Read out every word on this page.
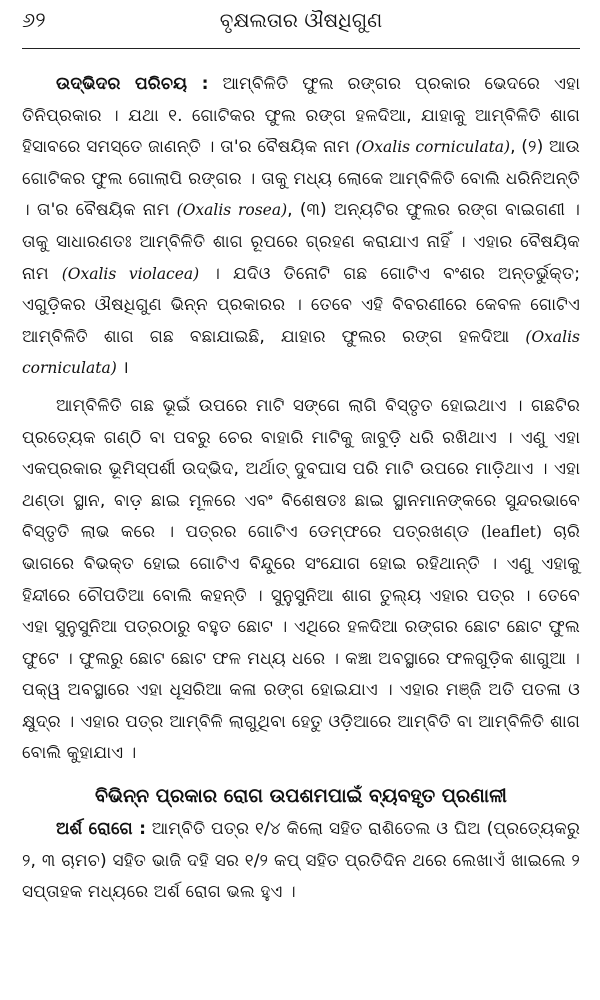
୬୨	ବୃକ୍ଷଲତାର ଔଷଧିଗୁଣ

ଉଦ୍ଭିଦର ପରିଚୟ : ଆମ୍ବିଳିତି ଫୁଲ ରଙ୍ଗର ପ୍ରକାର ଭେଦରେ ଏହା ତିନିପ୍ରକାର । ଯଥା ୧. ଗୋଟିକର ଫୁଲ ରଙ୍ଗ ହଳଦିଆ, ଯାହାକୁ ଆମ୍ବିଳିତି ଶାଗ ହିସାବରେ ସମସ୍ତେ ଜାଣନ୍ତି । ତା'ର ବୈଷୟିକ ନାମ (Oxalis corniculata), (୨) ଆଉ ଗୋଟିକର ଫୁଲ ଗୋଲାପି ରଙ୍ଗର । ତାକୁ ମଧ୍ୟ ଲୋକେ ଆମ୍ବିଳିତି ବୋଲି ଧରିନିଅନ୍ତି । ତା'ର ବୈଷୟିକ ନାମ (Oxalis rosea), (୩) ଅନ୍ୟଟିର ଫୁଲର ରଙ୍ଗ ବାଇଗଣୀ । ତାକୁ ସାଧାରଣତଃ ଆମ୍ବିଳିତି ଶାଗ ରୂପରେ ଗ୍ରହଣ କରାଯାଏ ନାହିଁ । ଏହାର ବୈଷୟିକ ନାମ (Oxalis violacea) । ଯଦିଓ ତିନୋଟି ଗଛ ଗୋଟିଏ ବଂଶର ଅନ୍ତର୍ଭୁକ୍ତ; ଏଗୁଡ଼ିକର ଔଷଧିଗୁଣ ଭିନ୍ନ ପ୍ରକାରର । ତେବେ ଏହି ବିବରଣୀରେ କେବଳ ଗୋଟିଏ ଆମ୍ବିଳିତି ଶାଗ ଗଛ ବଛାଯାଇଛି, ଯାହାର ଫୁଲର ରଙ୍ଗ ହଳଦିଆ (Oxalis corniculata) ।

ଆମ୍ବିଳିତି ଗଛ ଭୂଇଁ ଉପରେ ମାଟି ସଙ୍ଗେ ଲାଗି ବିସ୍ତୃତ ହୋଇଥାଏ । ଗଛଟିର ପ୍ରତ୍ୟେକ ଗଣ୍ଠି ବା ପବରୁ ଚେର ବାହାରି ମାଟିକୁ ଜାବୁଡ଼ି ଧରି ରଖିଥାଏ । ଏଣୁ ଏହା ଏକପ୍ରକାର ଭୂମିସ୍ପର୍ଶୀ ଉଦ୍ଭିଦ, ଅର୍ଥାତ୍ ଦୁବଘାସ ପରି ମାଟି ଉପରେ ମାଡ଼ିଥାଏ । ଏହା ଥଣ୍ଡା ସ୍ଥାନ, ବାଡ଼ ଛାଇ ମୂଳରେ ଏବଂ ବିଶେଷତଃ ଛାଇ ସ୍ଥାନମାନଙ୍କରେ ସୁନ୍ଦରଭାବେ ବିସ୍ତୃତି ଲାଭ କରେ । ପତ୍ରର ଗୋଟିଏ ଡେମ୍ଫରେ ପତ୍ରଖଣ୍ଡ (leaflet) ଚାରି ଭାଗରେ ବିଭକ୍ତ ହୋଇ ଗୋଟିଏ ବିନ୍ଦୁରେ ସଂଯୋଗ ହୋଇ ରହିଥାନ୍ତି । ଏଣୁ ଏହାକୁ ହିନ୍ଦୀରେ ଚୌପତିଆ ବୋଲି କହନ୍ତି । ସୁନୁସୁନିଆ ଶାଗ ତୁଲ୍ୟ ଏହାର ପତ୍ର । ତେବେ ଏହା ସୁନୁସୁନିଆ ପତ୍ରଠାରୁ ବହୁତ ଛୋଟ । ଏଥିରେ ହଳଦିଆ ରଙ୍ଗର ଛୋଟ ଛୋଟ ଫୁଲ ଫୁଟେ । ଫୁଲରୁ ଛୋଟ ଛୋଟ ଫଳ ମଧ୍ୟ ଧରେ । କଞ୍ଚା ଅବସ୍ଥାରେ ଫଳଗୁଡ଼ିକ ଶାଗୁଆ । ପକ୍ୱ ଅବସ୍ଥାରେ ଏହା ଧୂସରିଆ କଳା ରଙ୍ଗ ହୋଇଯାଏ । ଏହାର ମଞ୍ଜି ଅତି ପତଳା ଓ କ୍ଷୁଦ୍ର । ଏହାର ପତ୍ର ଆମ୍ବିଳି ଲାଗୁଥିବା ହେତୁ ଓଡ଼ିଆରେ ଆମ୍ବିତି ବା ଆମ୍ବିଳିତି ଶାଗ ବୋଲି କୁହାଯାଏ ।

ବିଭିନ୍ନ ପ୍ରକାର ରୋଗ ଉପଶମପାଇଁ ବ୍ୟବହୃତ ପ୍ରଣାଳୀ

ଅର୍ଶ ରୋଗେ : ଆମ୍ବିତି ପତ୍ର ୧/୪ କିଲୋ ସହିତ ରାଶିତେଲ ଓ ଘିଅ (ପ୍ରତ୍ୟେକରୁ ୨, ୩ ଚାମଚ) ସହିତ ଭାଜି ଦହି ସର ୧/୨ କପ୍ ସହିତ ପ୍ରତିଦିନ ଥରେ ଲେଖାଏଁ ଖାଇଲେ ୨ ସପ୍ତାହକ ମଧ୍ୟରେ ଅର୍ଶ ରୋଗ ଭଲ ହୁଏ ।
